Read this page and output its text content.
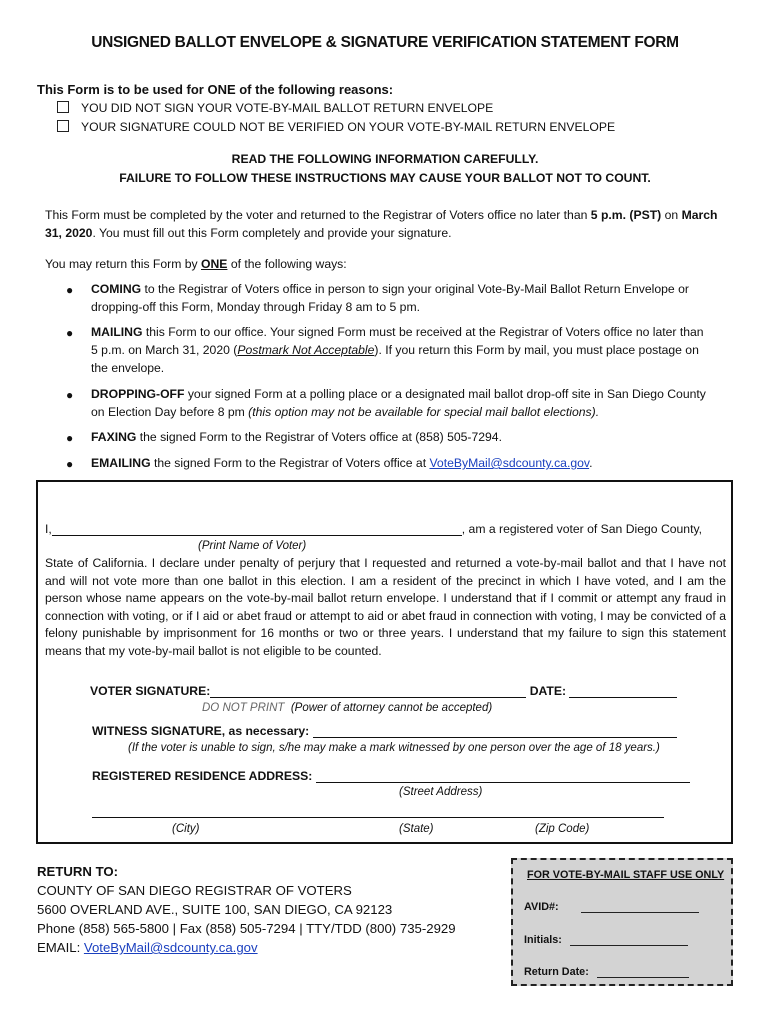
UNSIGNED BALLOT ENVELOPE & SIGNATURE VERIFICATION STATEMENT FORM
This Form is to be used for ONE of the following reasons:
YOU DID NOT SIGN YOUR VOTE-BY-MAIL BALLOT RETURN ENVELOPE
YOUR SIGNATURE COULD NOT BE VERIFIED ON YOUR VOTE-BY-MAIL RETURN ENVELOPE
READ THE FOLLOWING INFORMATION CAREFULLY.
FAILURE TO FOLLOW THESE INSTRUCTIONS MAY CAUSE YOUR BALLOT NOT TO COUNT.
This Form must be completed by the voter and returned to the Registrar of Voters office no later than 5 p.m. (PST) on March 31, 2020. You must fill out this Form completely and provide your signature.
You may return this Form by ONE of the following ways:
● COMING to the Registrar of Voters office in person to sign your original Vote-By-Mail Ballot Return Envelope or dropping-off this Form, Monday through Friday 8 am to 5 pm.
● MAILING this Form to our office. Your signed Form must be received at the Registrar of Voters office no later than 5 p.m. on March 31, 2020 (Postmark Not Acceptable). If you return this Form by mail, you must place postage on the envelope.
● DROPPING-OFF your signed Form at a polling place or a designated mail ballot drop-off site in San Diego County on Election Day before 8 pm (this option may not be available for special mail ballot elections).
● FAXING the signed Form to the Registrar of Voters office at (858) 505-7294.
● EMAILING the signed Form to the Registrar of Voters office at VoteByMail@sdcounty.ca.gov.
I,	, am a registered voter of San Diego County,
(Print Name of Voter)
State of California. I declare under penalty of perjury that I requested and returned a vote-by-mail ballot and that I have not and will not vote more than one ballot in this election. I am a resident of the precinct in which I have voted, and I am the person whose name appears on the vote-by-mail ballot return envelope. I understand that if I commit or attempt any fraud in connection with voting, or if I aid or abet fraud or attempt to aid or abet fraud in connection with voting, I may be convicted of a felony punishable by imprisonment for 16 months or two or three years. I understand that my failure to sign this statement means that my vote-by-mail ballot is not eligible to be counted.
VOTER SIGNATURE:	DATE:
DO NOT PRINT (Power of attorney cannot be accepted)
WITNESS SIGNATURE, as necessary:
(If the voter is unable to sign, s/he may make a mark witnessed by one person over the age of 18 years.)
REGISTERED RESIDENCE ADDRESS:
(Street Address)
(City)	(State)	(Zip Code)
RETURN TO:
COUNTY OF SAN DIEGO REGISTRAR OF VOTERS
5600 OVERLAND AVE., SUITE 100, SAN DIEGO, CA 92123
Phone (858) 565-5800 | Fax (858) 505-7294 | TTY/TDD (800) 735-2929
EMAIL: VoteByMail@sdcounty.ca.gov
FOR VOTE-BY-MAIL STAFF USE ONLY
AVID#:
Initials:
Return Date:
